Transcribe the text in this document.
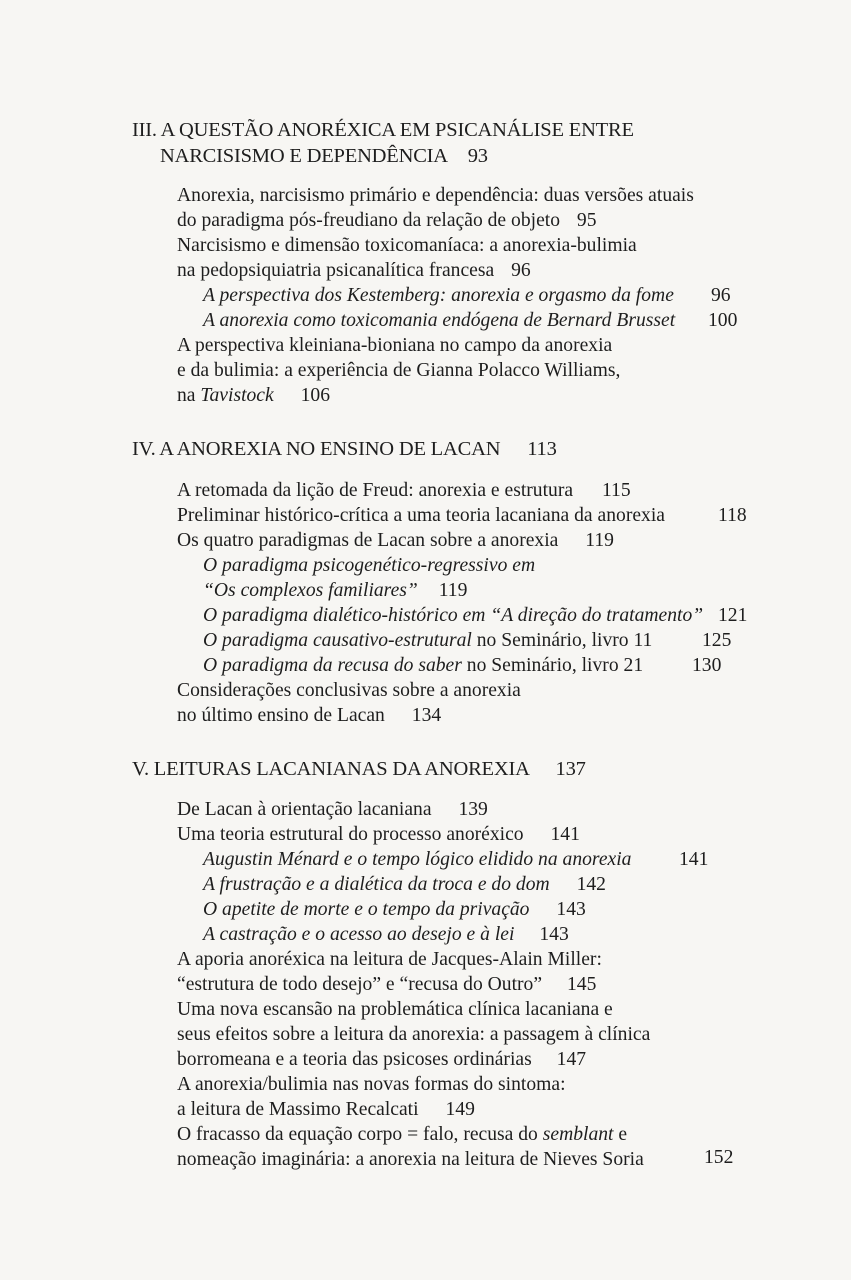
III. A QUESTÃO ANORÉXICA EM PSICANÁLISE ENTRE
NARCISISMO E DEPENDÊNCIA 93
Anorexia, narcisismo primário e dependência: duas versões atuais
do paradigma pós-freudiano da relação de objeto 95
Narcisismo e dimensão toxicomaníaca: a anorexia-bulimia
na pedopsiquiatria psicanalítica francesa 96
A perspectiva dos Kestemberg: anorexia e orgasmo da fome 96
A anorexia como toxicomania endógena de Bernard Brusset 100
A perspectiva kleiniana-bioniana no campo da anorexia
e da bulimia: a experiência de Gianna Polacco Williams,
na Tavistock 106
IV. A ANOREXIA NO ENSINO DE LACAN 113
A retomada da lição de Freud: anorexia e estrutura 115
Preliminar histórico-crítica a uma teoria lacaniana da anorexia	118
Os quatro paradigmas de Lacan sobre a anorexia 119
O paradigma psicogenético-regressivo em
“Os complexos familiares” 119
O paradigma dialético-histórico em “A direção do tratamento” 121
O paradigma causativo-estrutural no Seminário, livro 11	125
O paradigma da recusa do saber no Seminário, livro 21 130
Considerações conclusivas sobre a anorexia
no último ensino de Lacan 134
V. LEITURAS LACANIANAS DA ANOREXIA 137
De Lacan à orientação lacaniana 139
Uma teoria estrutural do processo anoréxico 141
Augustin Ménard e o tempo lógico elidido na anorexia 141
A frustração e a dialética da troca e do dom 142
O apetite de morte e o tempo da privação 143
A castração e o acesso ao desejo e à lei 143
A aporia anoréxica na leitura de Jacques-Alain Miller:
“estrutura de todo desejo” e “recusa do Outro” 145
Uma nova escansão na problemática clínica lacaniana e
seus efeitos sobre a leitura da anorexia: a passagem à clínica
borromeana e a teoria das psicoses ordinárias 147
A anorexia/bulimia nas novas formas do sintoma:
a leitura de Massimo Recalcati 149
O fracasso da equação corpo = falo, recusa do semblant e
nomeação imaginária: a anorexia na leitura de Nieves Soria	152
